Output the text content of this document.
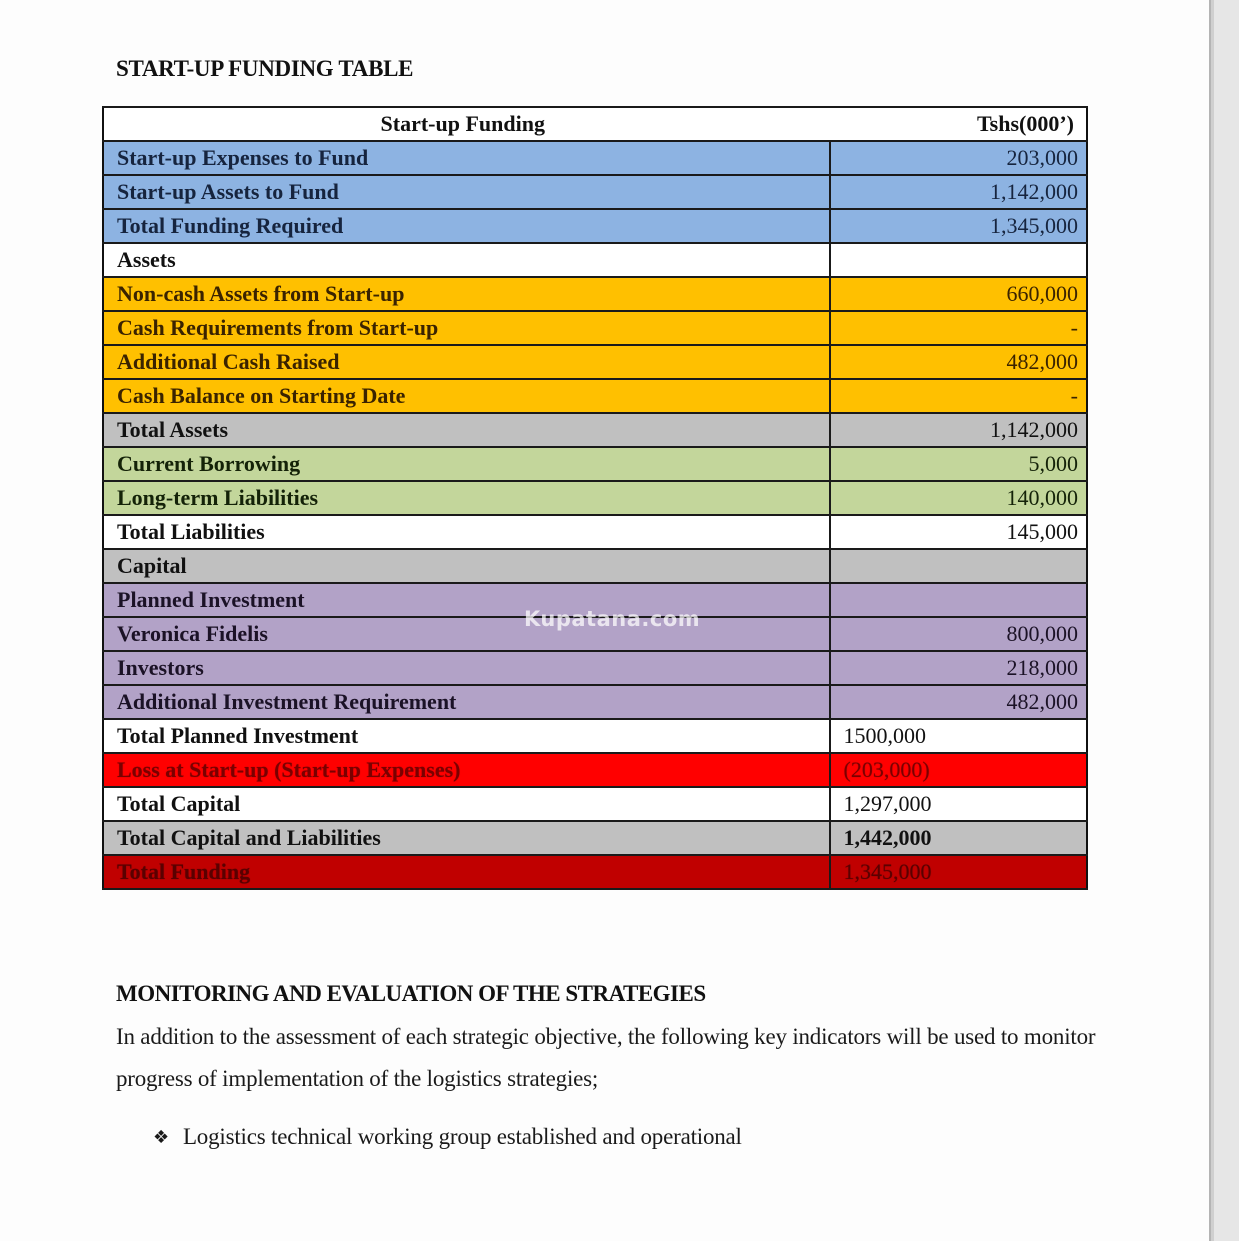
START-UP FUNDING TABLE
Start-up Funding	Tshs(000’)
Start-up Expenses to Fund	203,000
Start-up Assets to Fund	1,142,000
Total Funding Required	1,345,000
Assets	
Non-cash Assets from Start-up	660,000
Cash Requirements from Start-up	-
Additional Cash Raised	482,000
Cash Balance on Starting Date	-
Total Assets	1,142,000
Current Borrowing	5,000
Long-term Liabilities	140,000
Total Liabilities	145,000
Capital	
Planned Investment	
Veronica Fidelis	800,000
Investors	218,000
Additional Investment Requirement	482,000
Total Planned Investment	1500,000
Loss at Start-up (Start-up Expenses)	(203,000)
Total Capital	1,297,000
Total Capital and Liabilities	1,442,000
Total Funding	1,345,000
Kupatana.com
MONITORING AND EVALUATION OF THE STRATEGIES
In addition to the assessment of each strategic objective, the following key indicators will be used to monitor progress of implementation of the logistics strategies;
❖ Logistics technical working group established and operational
